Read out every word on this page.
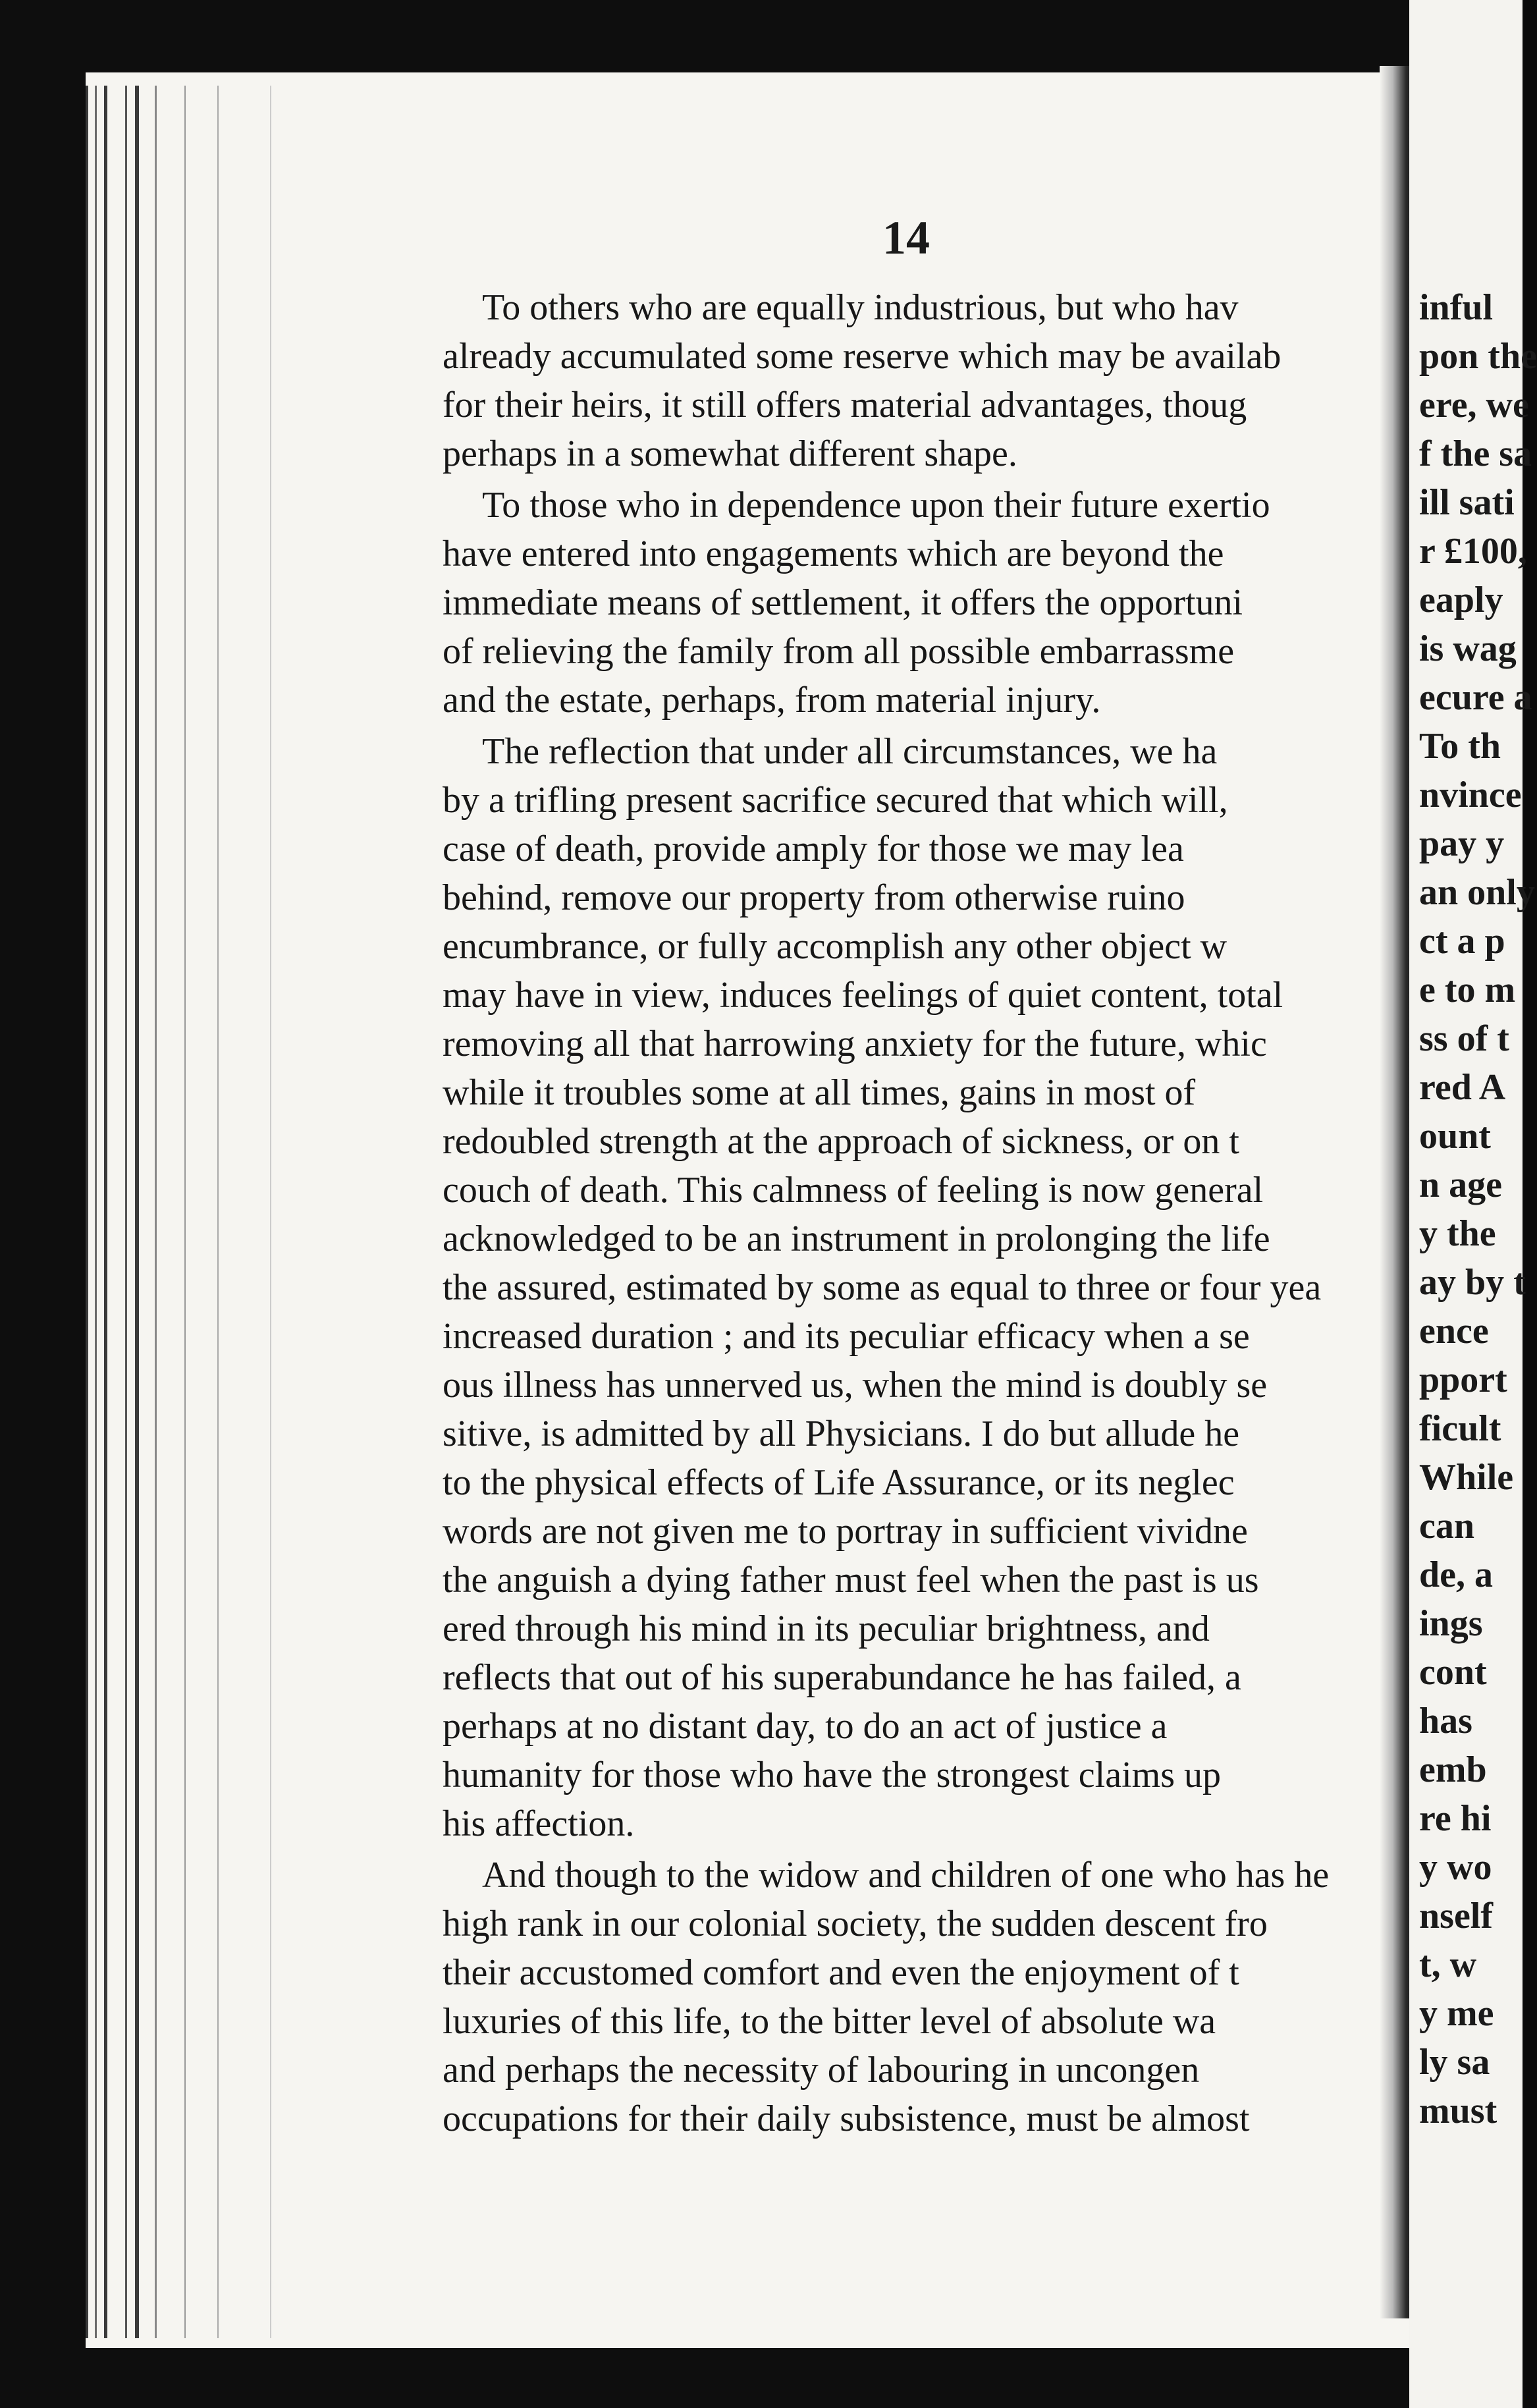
14
To others who are equally industrious, but who hav
already accumulated some reserve which may be availab
for their heirs, it still offers material advantages, thoug
perhaps in a somewhat different shape.
To those who in dependence upon their future exertio
have entered into engagements which are beyond the
immediate means of settlement, it offers the opportuni
of relieving the family from all possible embarrassme
and the estate, perhaps, from material injury.
The reflection that under all circumstances, we ha
by a trifling present sacrifice secured that which will,
case of death, provide amply for those we may lea
behind, remove our property from otherwise ruino
encumbrance, or fully accomplish any other object w
may have in view, induces feelings of quiet content, total
removing all that harrowing anxiety for the future, whic
while it troubles some at all times, gains in most of
redoubled strength at the approach of sickness, or on t
couch of death. This calmness of feeling is now general
acknowledged to be an instrument in prolonging the life
the assured, estimated by some as equal to three or four yea
increased duration ; and its peculiar efficacy when a se
ous illness has unnerved us, when the mind is doubly se
sitive, is admitted by all Physicians. I do but allude he
to the physical effects of Life Assurance, or its neglec
words are not given me to portray in sufficient vividne
the anguish a dying father must feel when the past is us
ered through his mind in its peculiar brightness, and
reflects that out of his superabundance he has failed, a
perhaps at no distant day, to do an act of justice a
humanity for those who have the strongest claims up
his affection.
And though to the widow and children of one who has he
high rank in our colonial society, the sudden descent fro
their accustomed comfort and even the enjoyment of t
luxuries of this life, to the bitter level of absolute wa
and perhaps the necessity of labouring in uncongen
occupations for their daily subsistence, must be almost
inful
pon the
ere, we
f the sa
ill sati
r £100,
eaply
is wag
ecure a
To th
nvince
pay y
an only
ct a p
e to m
ss of t
red A
ount
n age
y the
ay by t
ence
pport
ficult
While
can
de, a
ings
cont
has
emb
re hi
y wo
nself
t, w
y me
ly sa
must
